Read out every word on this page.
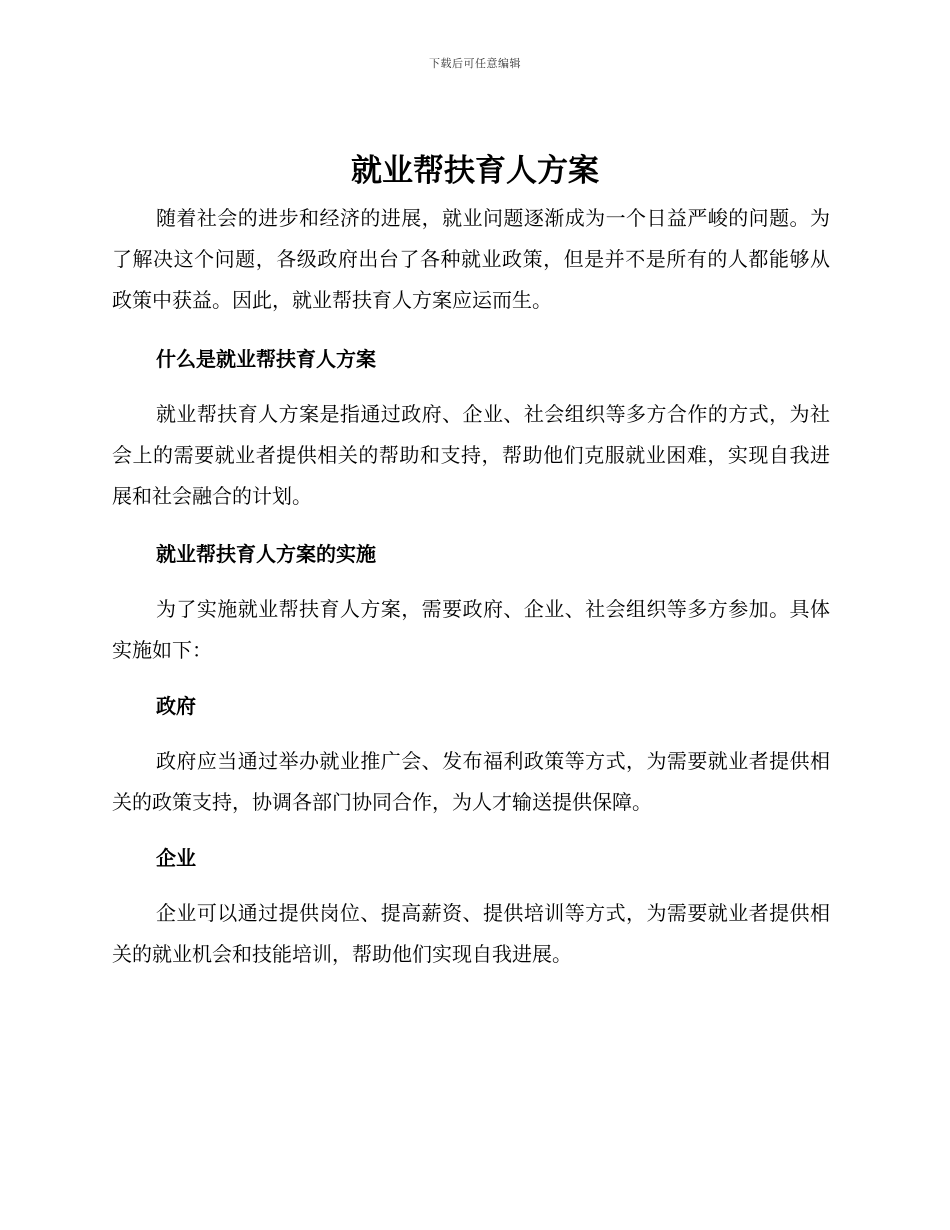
下载后可任意编辑
就业帮扶育人方案

随着社会的进步和经济的进展，就业问题逐渐成为一个日益严峻的问题。为了解决这个问题，各级政府出台了各种就业政策，但是并不是所有的人都能够从政策中获益。因此，就业帮扶育人方案应运而生。

什么是就业帮扶育人方案

就业帮扶育人方案是指通过政府、企业、社会组织等多方合作的方式，为社会上的需要就业者提供相关的帮助和支持，帮助他们克服就业困难，实现自我进展和社会融合的计划。

就业帮扶育人方案的实施

为了实施就业帮扶育人方案，需要政府、企业、社会组织等多方参加。具体实施如下：

政府

政府应当通过举办就业推广会、发布福利政策等方式，为需要就业者提供相关的政策支持，协调各部门协同合作，为人才输送提供保障。

企业

企业可以通过提供岗位、提高薪资、提供培训等方式，为需要就业者提供相关的就业机会和技能培训，帮助他们实现自我进展。
